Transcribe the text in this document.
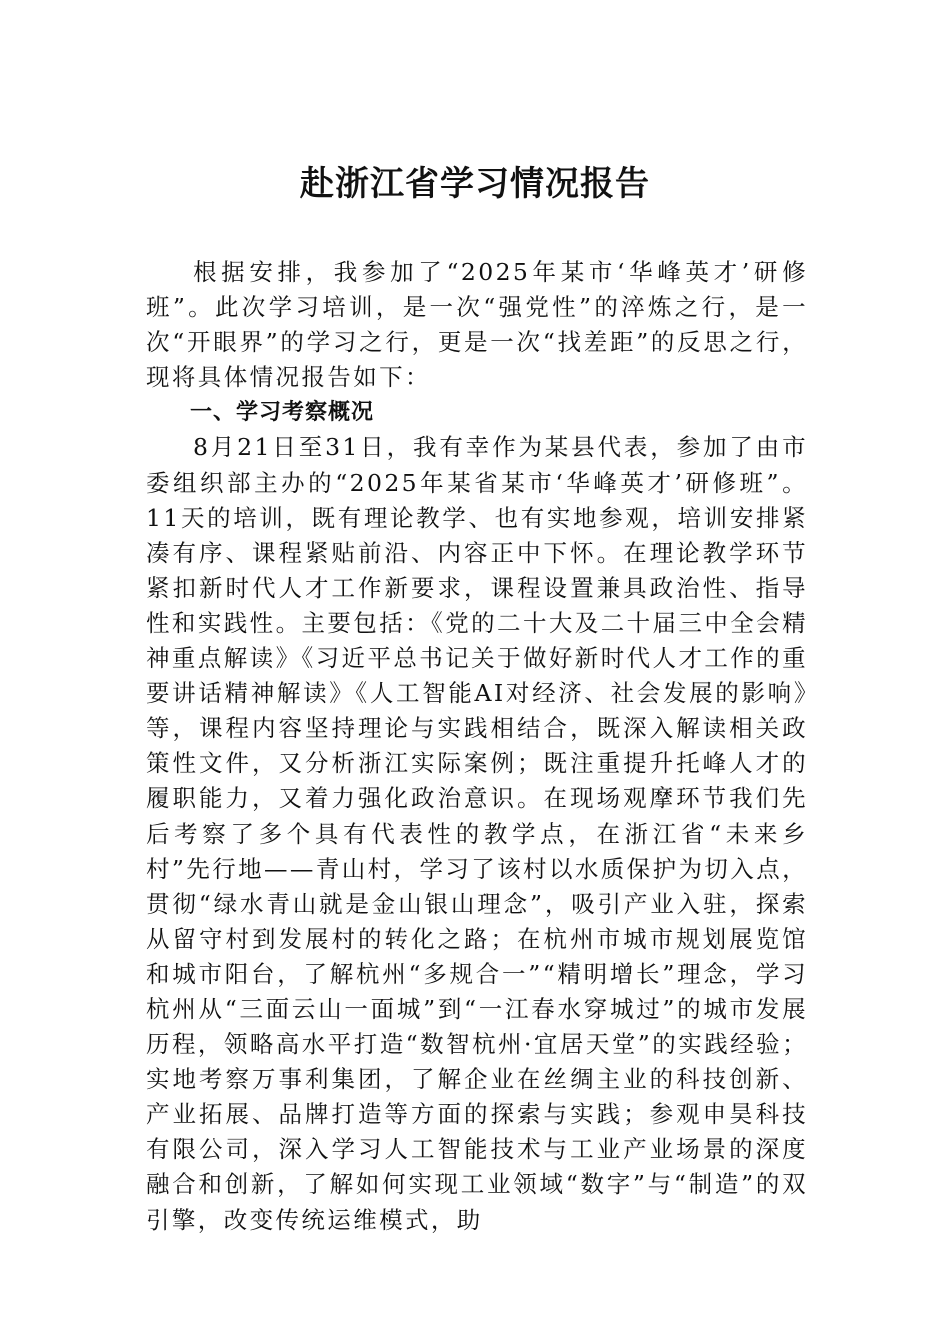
赴浙江省学习情况报告

根据安排，我参加了“2025年某市‘华峰英才’研修班”。此次学习培训，是一次“强党性”的淬炼之行，是一次“开眼界”的学习之行，更是一次“找差距”的反思之行，现将具体情况报告如下：

一、学习考察概况

8月21日至31日，我有幸作为某县代表，参加了由市委组织部主办的“2025年某省某市‘华峰英才’研修班”。11天的培训，既有理论教学、也有实地参观，培训安排紧凑有序、课程紧贴前沿、内容正中下怀。在理论教学环节紧扣新时代人才工作新要求，课程设置兼具政治性、指导性和实践性。主要包括：《党的二十大及二十届三中全会精神重点解读》《习近平总书记关于做好新时代人才工作的重要讲话精神解读》《人工智能AI对经济、社会发展的影响》等，课程内容坚持理论与实践相结合，既深入解读相关政策性文件，又分析浙江实际案例；既注重提升托峰人才的履职能力，又着力强化政治意识。在现场观摩环节我们先后考察了多个具有代表性的教学点，在浙江省“未来乡村”先行地——青山村，学习了该村以水质保护为切入点，贯彻“绿水青山就是金山银山理念”，吸引产业入驻，探索从留守村到发展村的转化之路；在杭州市城市规划展览馆和城市阳台，了解杭州“多规合一”“精明增长”理念，学习杭州从“三面云山一面城”到“一江春水穿城过”的城市发展历程，领略高水平打造“数智杭州·宜居天堂”的实践经验；实地考察万事利集团，了解企业在丝绸主业的科技创新、产业拓展、品牌打造等方面的探索与实践；参观申昊科技有限公司，深入学习人工智能技术与工业产业场景的深度融合和创新，了解如何实现工业领域“数字”与“制造”的双引擎，改变传统运维模式，助
